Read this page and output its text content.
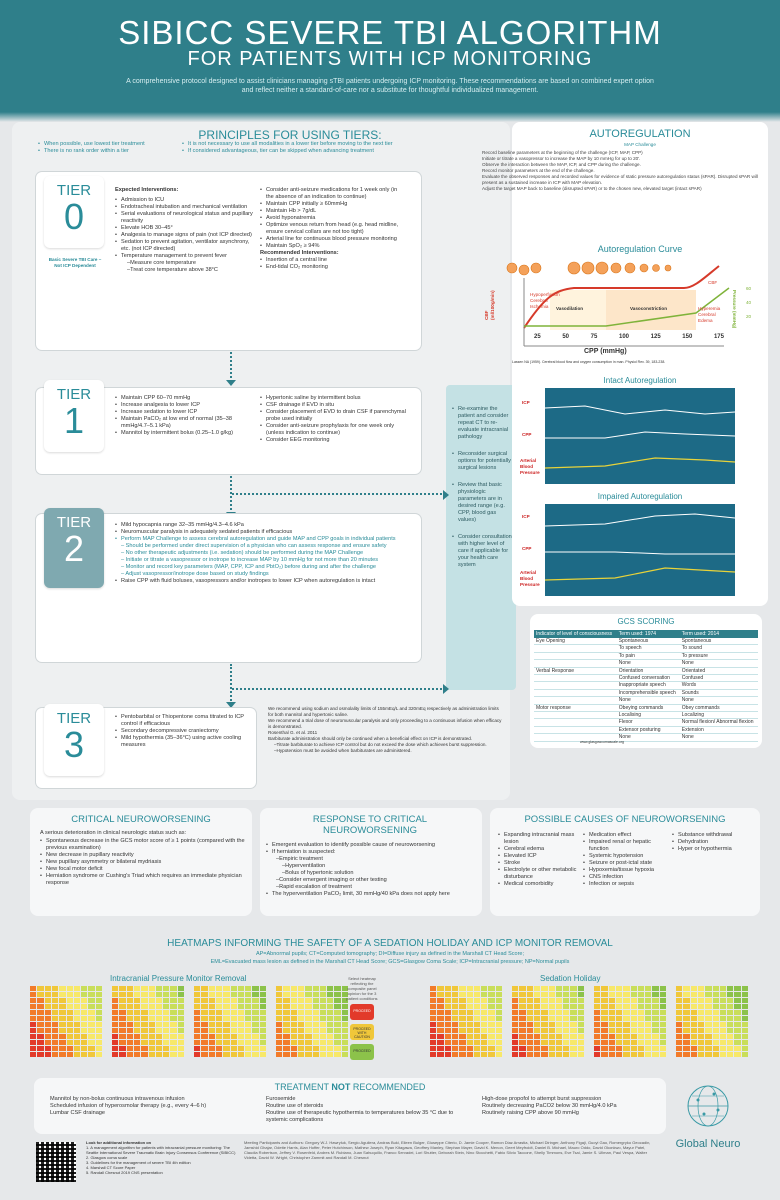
SIBICC SEVERE TBI ALGORITHM
FOR PATIENTS WITH ICP MONITORING
A comprehensive protocol designed to assist clinicians managing sTBI patients undergoing ICP monitoring. These recommendations are based on combined expert option and reflect neither a standard-of-care nor a substitute for thoughtful individualized management.
PRINCIPLES FOR USING TIERS:
• When possible, use lowest tier treatment
• There is no rank order within a tier
• It is not necessary to use all modalities in a lower tier before moving to the next tier
• If considered advantageous, tier can be skipped when advancing treatment
TIER
0
Basic Severe TBI Care – Not ICP Dependent
Expected Interventions:
• Admission to ICU
• Endotracheal intubation and mechanical ventilation
• Serial evaluations of neurological status and pupillary reactivity
• Elevate HOB 30–45°
• Analgesia to manage signs of pain (not ICP directed)
• Sedation to prevent agitation, ventilator asynchrony, etc. (not ICP directed)
• Temperature management to prevent fever
–Measure core temperature
–Treat core temperature above 38°C
• Consider anti-seizure medications for 1 week only (in the absence of an indication to continue)
• Maintain CPP initially ≥ 60mmHg
• Maintain Hb > 7g/dL
• Avoid hyponatremia
• Optimize venous return from head (e.g. head midline, ensure cervical collars are not too tight)
• Arterial line for continuous blood pressure monitoring
• Maintain SpO₂ ≥ 94%
Recommended Interventions:
• Insertion of a central line
• End-tidal CO₂ monitoring
TIER
1
• Maintain CPP 60–70 mmHg
• Increase analgesia to lower ICP
• Increase sedation to lower ICP
• Maintain PaCO₂ at low end of normal (35–38 mmHg/4.7–5.1 kPa)
• Mannitol by intermittent bolus (0.25–1.0 g/kg)
• Hypertonic saline by intermittent bolus
• CSF drainage if EVD in situ
• Consider placement of EVD to drain CSF if parenchymal probe used initially
• Consider anti-seizure prophylaxis for one week only (unless indication to continue)
• Consider EEG monitoring
TIER
2
• Mild hypocapnia range 32–35 mmHg/4.3–4.6 kPa
• Neuromuscular paralysis in adequately sedated patients if efficacious
• Perform MAP Challenge to assess cerebral autoregulation and guide MAP and CPP goals in individual patients
– Should be performed under direct supervision of a physician who can assess response and ensure safety
– No other therapeutic adjustments (i.e. sedation) should be performed during the MAP Challenge
– Initiate or titrate a vasopressor or inotrope to increase MAP by 10 mmHg for not more than 20 minutes
– Monitor and record key parameters (MAP, CPP, ICP and PbtO₂) before during and after the challenge
– Adjust vasopressor/inotrope dose based on study findings
• Raise CPP with fluid boluses, vasopressors and/or inotropes to lower ICP when autoregulation is intact
TIER
3
• Pentobarbital or Thiopentone coma titrated to ICP control if efficacious
• Secondary decompressive craniectomy
• Mild hypothermia (35–36°C) using active cooling measures
We recommend using sodium and osmolality limits of 155mEq/L and 320mEq respectively as administration limits for both mannitol and hypertonic saline.
We recommend a trial dose of neuromuscular paralysis and only proceeding to a continuous infusion when efficacy is demonstrated.
Rosenthal G. et al. 2011
Barbiturate administration should only be continued when a beneficial effect on ICP is demonstrated.
–Titrate barbiturate to achieve ICP control but do not exceed the dose which achieves burst suppression.
–Hypotension must be avoided when barbiturates are administered.
• Re-examine the patient and consider repeat CT to re-evaluate intracranial pathology
• Reconsider surgical options for potentially surgical lesions
• Review that basic physiologic parameters are in desired range (e.g. CPP, blood gas values)
• Consider consultation with higher level of care if applicable for your health care system
AUTOREGULATION
MAP Challenge
Record baseline parameters at the beginning of the challenge (ICP, MAP, CPP)
Initiate or titrate a vasopressor to increase the MAP by 10 mmHg for up to 20'.
Observe the interaction between the MAP, ICP, and CPP during the challenge.
Record monitor parameters at the end of the challenge.
Evaluate the observed responses and recorded values for evidence of static pressure autoregulation status (sPAR). Disrupted sPAR will present as a sustained increase in ICP with MAP elevation.
Adjust the target MAP back to baseline (disrupted sPAR) or to the chosen new, elevated target (intact sPAR)
Autoregulation Curve
CBF (ml/100g/min)	Pressure (mmHg)
Hypoperfusion Cerebral Ischemia	Vasodilation	Vasoconstriction
CBF
Hyperemia Cerebral Edema
60
40
20
25	50	75	100	125	150	175
CPP (mmHg)
Lassen NA (1959). Cerebral blood flow and oxygen consumption in man. Physiol Rev. 39, 183-238.
Intact Autoregulation
Impaired Autoregulation
ICP
CPP
Arterial Blood Pressure
ICP
CPP
Arterial Blood Pressure
GCS SCORING
Indicator of level of consciousness	Term used: 1974	Term used: 2014
Eye Opening	Spontaneous	Spontaneous
	To speech	To sound
	To pain	To pressure
	None	None
Verbal Response	Orientation	Orientated
	Confused conversation	Confused
	Inappropriate speech	Words
	Incomprehensible speech	Sounds
	None	None
Motor response	Obeying commands	Obey commands
	Localising	Localizing
	Flexor	Normal flexion/ Abnormal flexion
	Extensor posturing	Extension
	None	None
www.glasgowcomascale.org
CRITICAL NEUROWORSENING
A serious deterioration in clinical neurologic status such as:
• Spontaneous decrease in the GCS motor score of ≥ 1 points (compared with the previous examination)
• New decrease in pupillary reactivity
• New pupillary asymmetry or bilateral mydriasis
• New focal motor deficit
• Herniation syndrome or Cushing's Triad which requires an immediate physician response
RESPONSE TO CRITICAL NEUROWORSENING
• Emergent evaluation to identify possible cause of neuroworsening
• If herniation is suspected:
–Empiric treatment
–Hyperventilation
–Bolus of hypertonic solution
–Consider emergent imaging or other testing
–Rapid escalation of treatment
• The hyperventilation PaCO₂ limit, 30 mmHg/40 kPa does not apply here
POSSIBLE CAUSES OF NEUROWORSENING
• Expanding intracranial mass lesion
• Cerebral edema
• Elevated ICP
• Stroke
• Electrolyte or other metabolic disturbance
• Medical comorbidity
• Medication effect
• Impaired renal or hepatic function
• Systemic hypotension
• Seizure or post-ictal state
• Hypoxemia/tissue hypoxia
• CNS infection
• Infection or sepsis
• Substance withdrawal
• Dehydration
• Hyper or hypothermia
HEATMAPS INFORMING THE SAFETY OF A SEDATION HOLIDAY AND ICP MONITOR REMOVAL
AP=Abnormal pupils; CT=Computed tomography; DI=Diffuse injury as defined in the Marshall CT Head Score;
EML=Evacuated mass lesion as defined in the Marshall CT Head Score; GCS=Glasgow Coma Scale; ICP=Intracranial pressure; NP=Normal pupils
Intracranial Pressure Monitor Removal	Sedation Holiday
Select heatmap reflecting the composite panel opinion for the 3 patient conditions
PROCEED
PROCEED WITH CAUTION
PROCEED
TREATMENT NOT RECOMMENDED
Mannitol by non-bolus continuous intravenous infusion
Scheduled infusion of hyperosmolar therapy (e.g., every 4–6 h)
Lumbar CSF drainage
Furosemide
Routine use of steroids
Routine use of therapeutic hypothermia to temperatures below 35 °C due to systemic complications
High-dose propofol to attempt burst suppression
Routinely decreasing PaCO2 below 30 mmHg/4.0 kPa
Routinely raising CPP above 90 mmHg
Global Neuro
Look for additional information on
1. A management algorithm for patients with intracranial pressure monitoring: The Seattle International Severe Traumatic Brain Injury Consensus Conference (SIBICC)
2. Glasgow coma scale
3. Guidelines for the management of severe TBI 4th edition
4. Marshall CT Score Paper
5. Randall Chesnut 2019 CNS presentation
Meeting Participants and Authors: Gregory W.J. Hawryluk, Sergio Aguilera, Andras Buki, Eileen Bulger, Giuseppe Citerio, D. Jamie Cooper, Ramon Diaz Arrastia, Michael Diringer, Anthony Figaji, Guoyi Gao, Romergryko Geocadin, Jamshid Ghajar, Odette Harris, Alan Hoffer, Peter Hutchinson, Mathew Joseph, Ryan Kitagawa, Geoffrey Manley, Stephan Mayer, David K. Menon, Geert Meyfroidt, Daniel B. Michael, Mauro Oddo, David Okonkwo, Mayur Patel, Claudia Robertson, Jeffrey V. Rosenfeld, Andres M. Rubiano, Juan Sahuquillo, Franco Servadei, Lori Shutter, Deborah Stein, Nino Stocchetti, Fabio Silvio Taccone, Shelly Timmons, Eve Tsai, Jamie S. Ullman, Paul Vespa, Walter Videtta, David W. Wright, Christopher Zammit and Randall M. Chesnut
